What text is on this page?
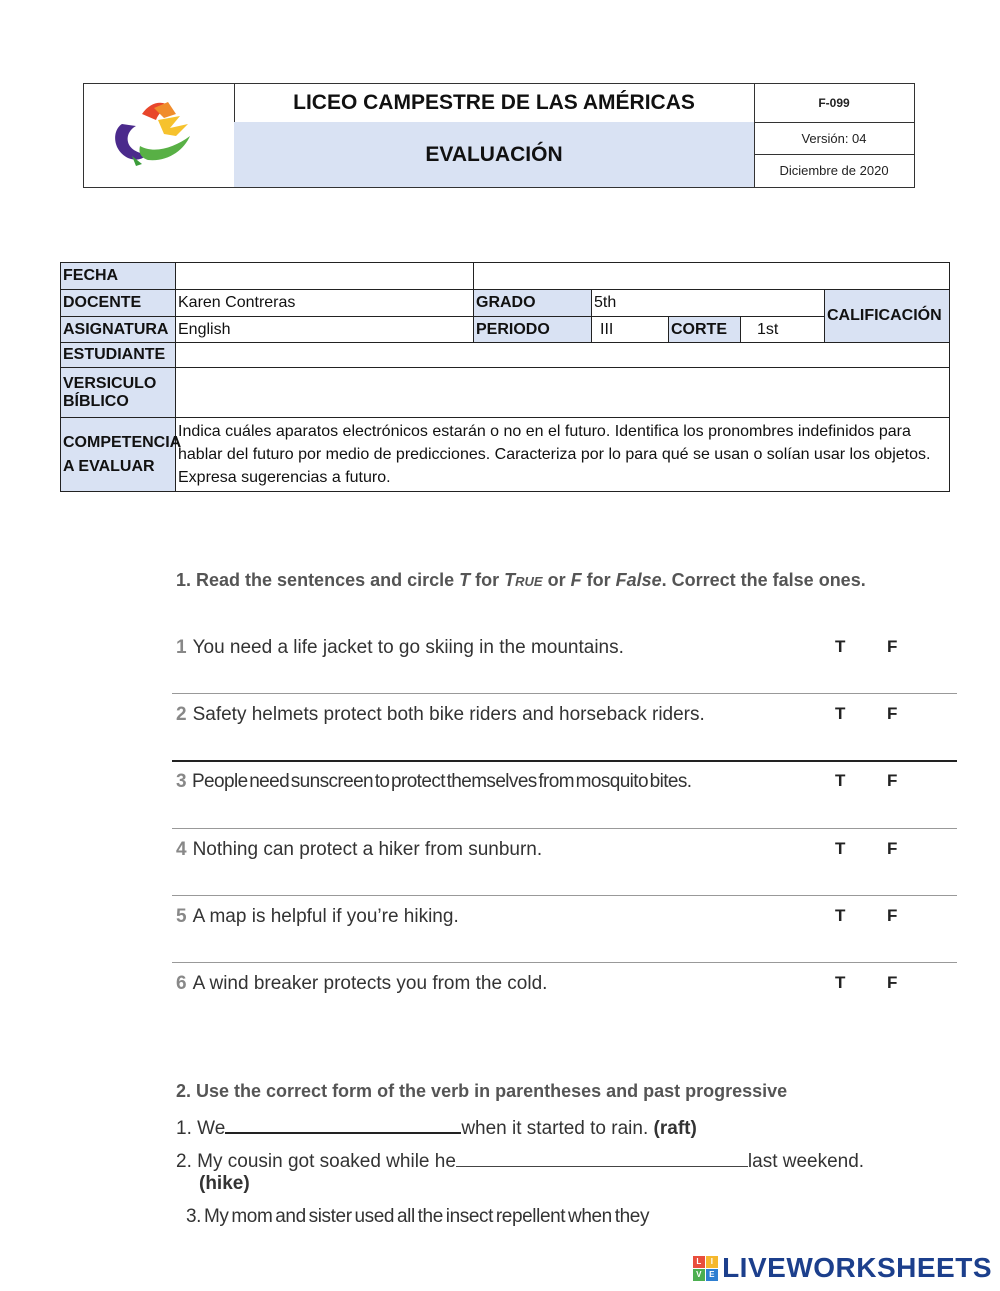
LICEO CAMPESTRE DE LAS AMÉRICAS
EVALUACIÓN
F-099
Versión: 04
Diciembre de 2020
FECHA						
DOCENTE	Karen Contreras	GRADO	5th			CALIFICACIÓN
ASIGNATURA	English	PERIODO	III	CORTE	1st	
ESTUDIANTE						
VERSICULO BÍBLICO						
COMPETENCIA A EVALUAR	Indica cuáles aparatos electrónicos estarán o no en el futuro. Identifica los pronombres indefinidos para hablar del futuro por medio de predicciones. Caracteriza por lo para qué se usan o solían usar los objetos. Expresa sugerencias a futuro.					
1. Read the sentences and circle T for True or F for False. Correct the false ones.
1 You need a life jacket to go skiing in the mountains.	T F
2 Safety helmets protect both bike riders and horseback riders.	T F
3 People need sunscreen to protect themselves from mosquito bites.	T F
4 Nothing can protect a hiker from sunburn.	T F
5 A map is helpful if you’re hiking.	T F
6 A wind breaker protects you from the cold.	T F
2. Use the correct form of the verb in parentheses and past progressive
1. We	when it started to rain. (raft)
2. My cousin got soaked while he	last weekend.
(hike)
3. My mom and sister used all the insect repellent when they
L	I
V E LIVEWORKSHEETS
